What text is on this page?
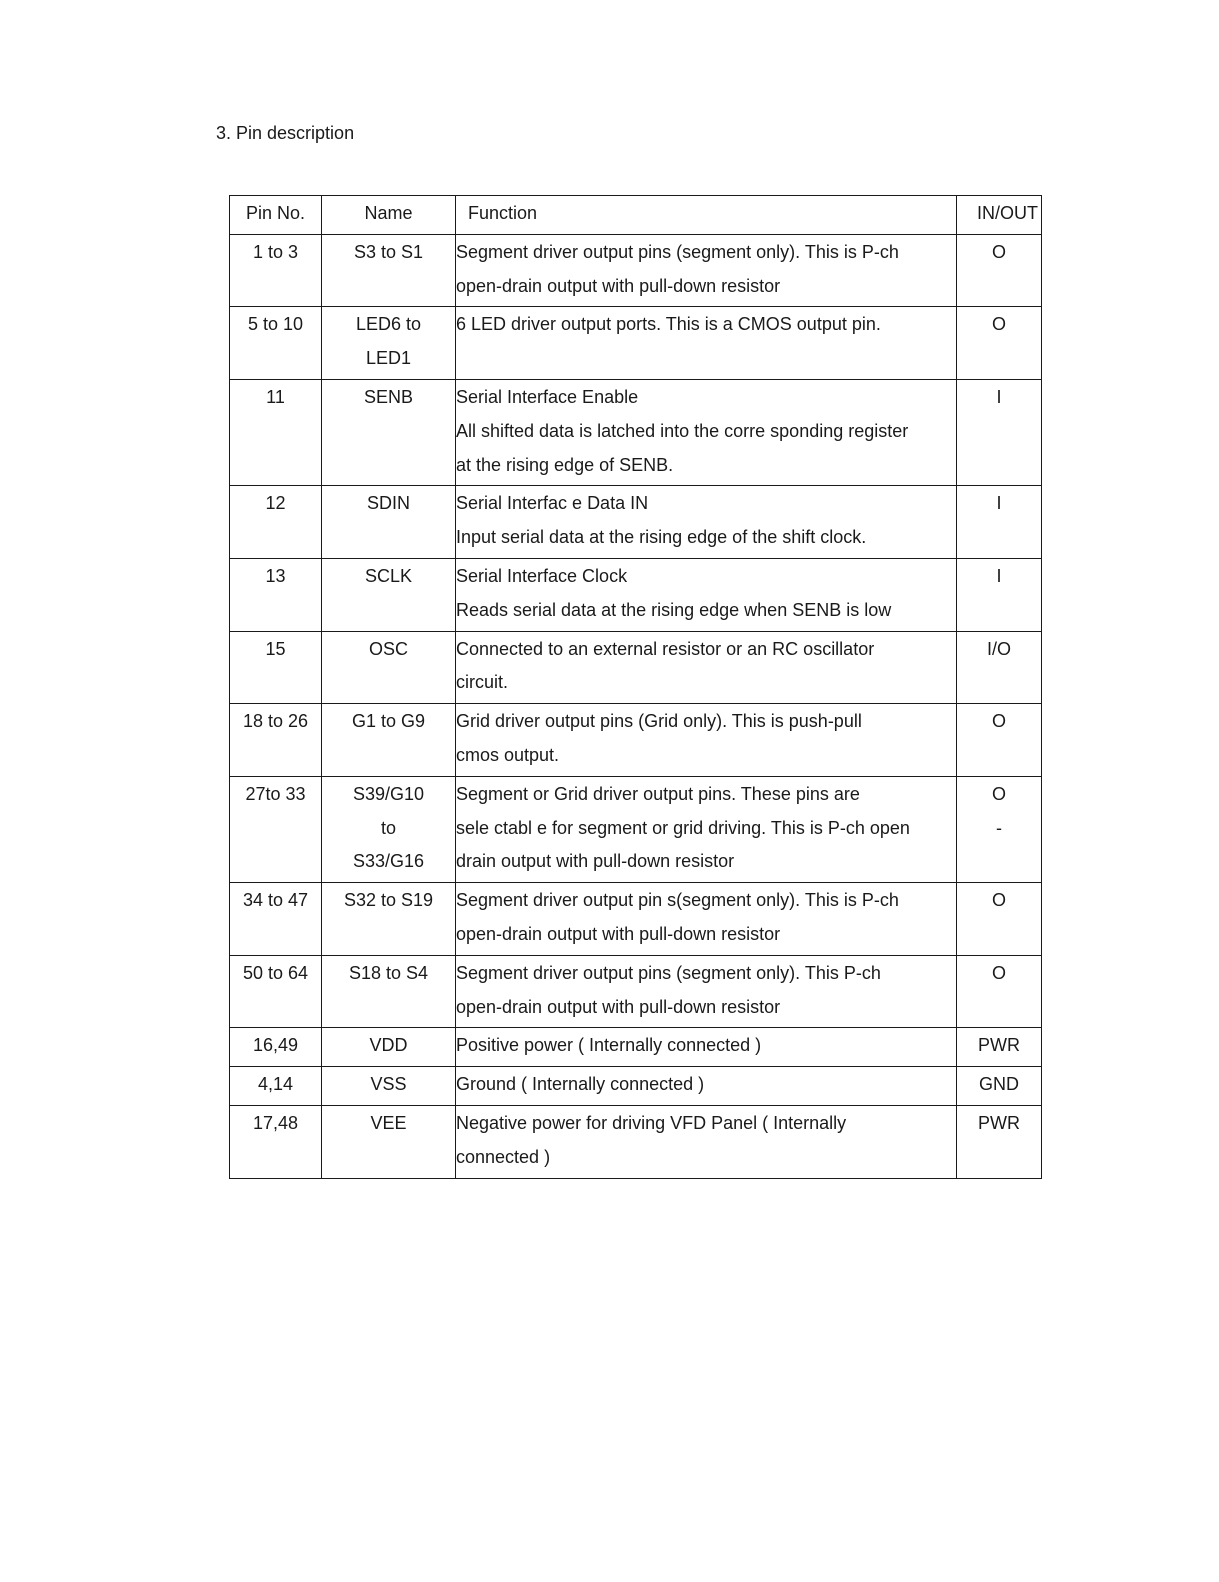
3. Pin description
Pin No.	Name	Function	IN/OUT
1 to 3	S3 to S1	Segment driver output pins (segment only). This is P-ch
open-drain output with pull-down resistor	O

5 to 10	LED6 to
LED1	6 LED driver output ports. This is a CMOS output pin.	O

11	SENB	Serial Interface Enable
All shifted data is latched into the corre sponding register
at the rising edge of SENB.	I

12	SDIN	Serial Interfac e Data IN
Input serial data at the rising edge of the shift clock.	I

13	SCLK	Serial Interface Clock
Reads serial data at the rising edge when SENB is low	I

15	OSC	Connected to an external resistor or an RC oscillator
circuit.	I/O

18 to 26	G1 to G9	Grid driver output pins (Grid only). This is push-pull
cmos output.	O

27to 33	S39/G10
to
S33/G16	Segment or Grid driver output pins. These pins are
sele ctabl e for segment or grid driving. This is P-ch open
drain output with pull-down resistor	O
-

34 to 47	S32 to S19	Segment driver output pin s(segment only). This is P-ch
open-drain output with pull-down resistor	O

50 to 64	S18 to S4	Segment driver output pins (segment only). This P-ch
open-drain output with pull-down resistor	O

16,49	VDD	Positive power ( Internally connected )	PWR

4,14	VSS	Ground ( Internally connected )	GND

17,48	VEE	Negative power for driving VFD Panel ( Internally
connected )	PWR
